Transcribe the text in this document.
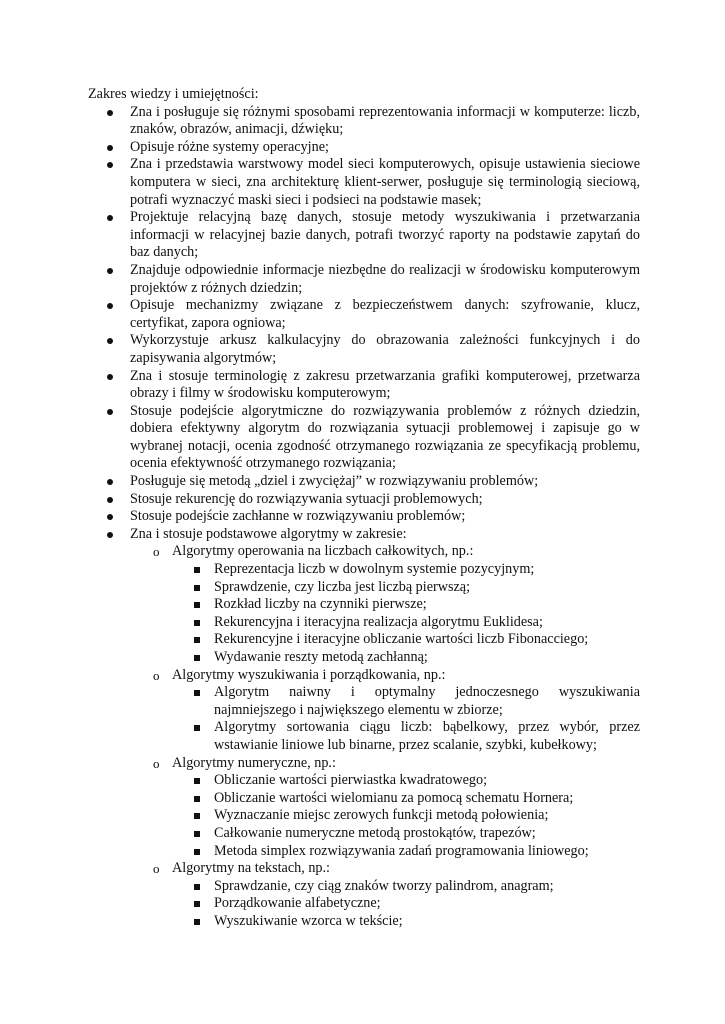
Zakres wiedzy i umiejętności:

Zna i posługuje się różnymi sposobami reprezentowania informacji w komputerze: liczb, znaków, obrazów, animacji, dźwięku;
Opisuje różne systemy operacyjne;
Zna i przedstawia warstwowy model sieci komputerowych, opisuje ustawienia sieciowe komputera w sieci, zna architekturę klient-serwer, posługuje się terminologią sieciową, potrafi wyznaczyć maski sieci i podsieci na podstawie masek;
Projektuje relacyjną bazę danych, stosuje metody wyszukiwania i przetwarzania informacji w relacyjnej bazie danych, potrafi tworzyć raporty na podstawie zapytań do baz danych;
Znajduje odpowiednie informacje niezbędne do realizacji w środowisku komputerowym projektów z różnych dziedzin;
Opisuje mechanizmy związane z bezpieczeństwem danych: szyfrowanie, klucz, certyfikat, zapora ogniowa;
Wykorzystuje arkusz kalkulacyjny do obrazowania zależności funkcyjnych i do zapisywania algorytmów;
Zna i stosuje terminologię z zakresu przetwarzania grafiki komputerowej, przetwarza obrazy i filmy w środowisku komputerowym;
Stosuje podejście algorytmiczne do rozwiązywania problemów z różnych dziedzin, dobiera efektywny algorytm do rozwiązania sytuacji problemowej i zapisuje go w wybranej notacji, ocenia zgodność otrzymanego rozwiązania ze specyfikacją problemu, ocenia efektywność otrzymanego rozwiązania;
Posługuje się metodą „dziel i zwyciężaj” w rozwiązywaniu problemów;
Stosuje rekurencję do rozwiązywania sytuacji problemowych;
Stosuje podejście zachłanne w rozwiązywaniu problemów;
Zna i stosuje podstawowe algorytmy w zakresie:
o Algorytmy operowania na liczbach całkowitych, np.:
Reprezentacja liczb w dowolnym systemie pozycyjnym;
Sprawdzenie, czy liczba jest liczbą pierwszą;
Rozkład liczby na czynniki pierwsze;
Rekurencyjna i iteracyjna realizacja algorytmu Euklidesa;
Rekurencyjne i iteracyjne obliczanie wartości liczb Fibonacciego;
Wydawanie reszty metodą zachłanną;
o Algorytmy wyszukiwania i porządkowania, np.:
Algorytm naiwny i optymalny jednoczesnego wyszukiwania najmniejszego i największego elementu w zbiorze;
Algorytmy sortowania ciągu liczb: bąbelkowy, przez wybór, przez wstawianie liniowe lub binarne, przez scalanie, szybki, kubełkowy;
o Algorytmy numeryczne, np.:
Obliczanie wartości pierwiastka kwadratowego;
Obliczanie wartości wielomianu za pomocą schematu Hornera;
Wyznaczanie miejsc zerowych funkcji metodą połowienia;
Całkowanie numeryczne metodą prostokątów, trapezów;
Metoda simplex rozwiązywania zadań programowania liniowego;
o Algorytmy na tekstach, np.:
Sprawdzanie, czy ciąg znaków tworzy palindrom, anagram;
Porządkowanie alfabetyczne;
Wyszukiwanie wzorca w tekście;
